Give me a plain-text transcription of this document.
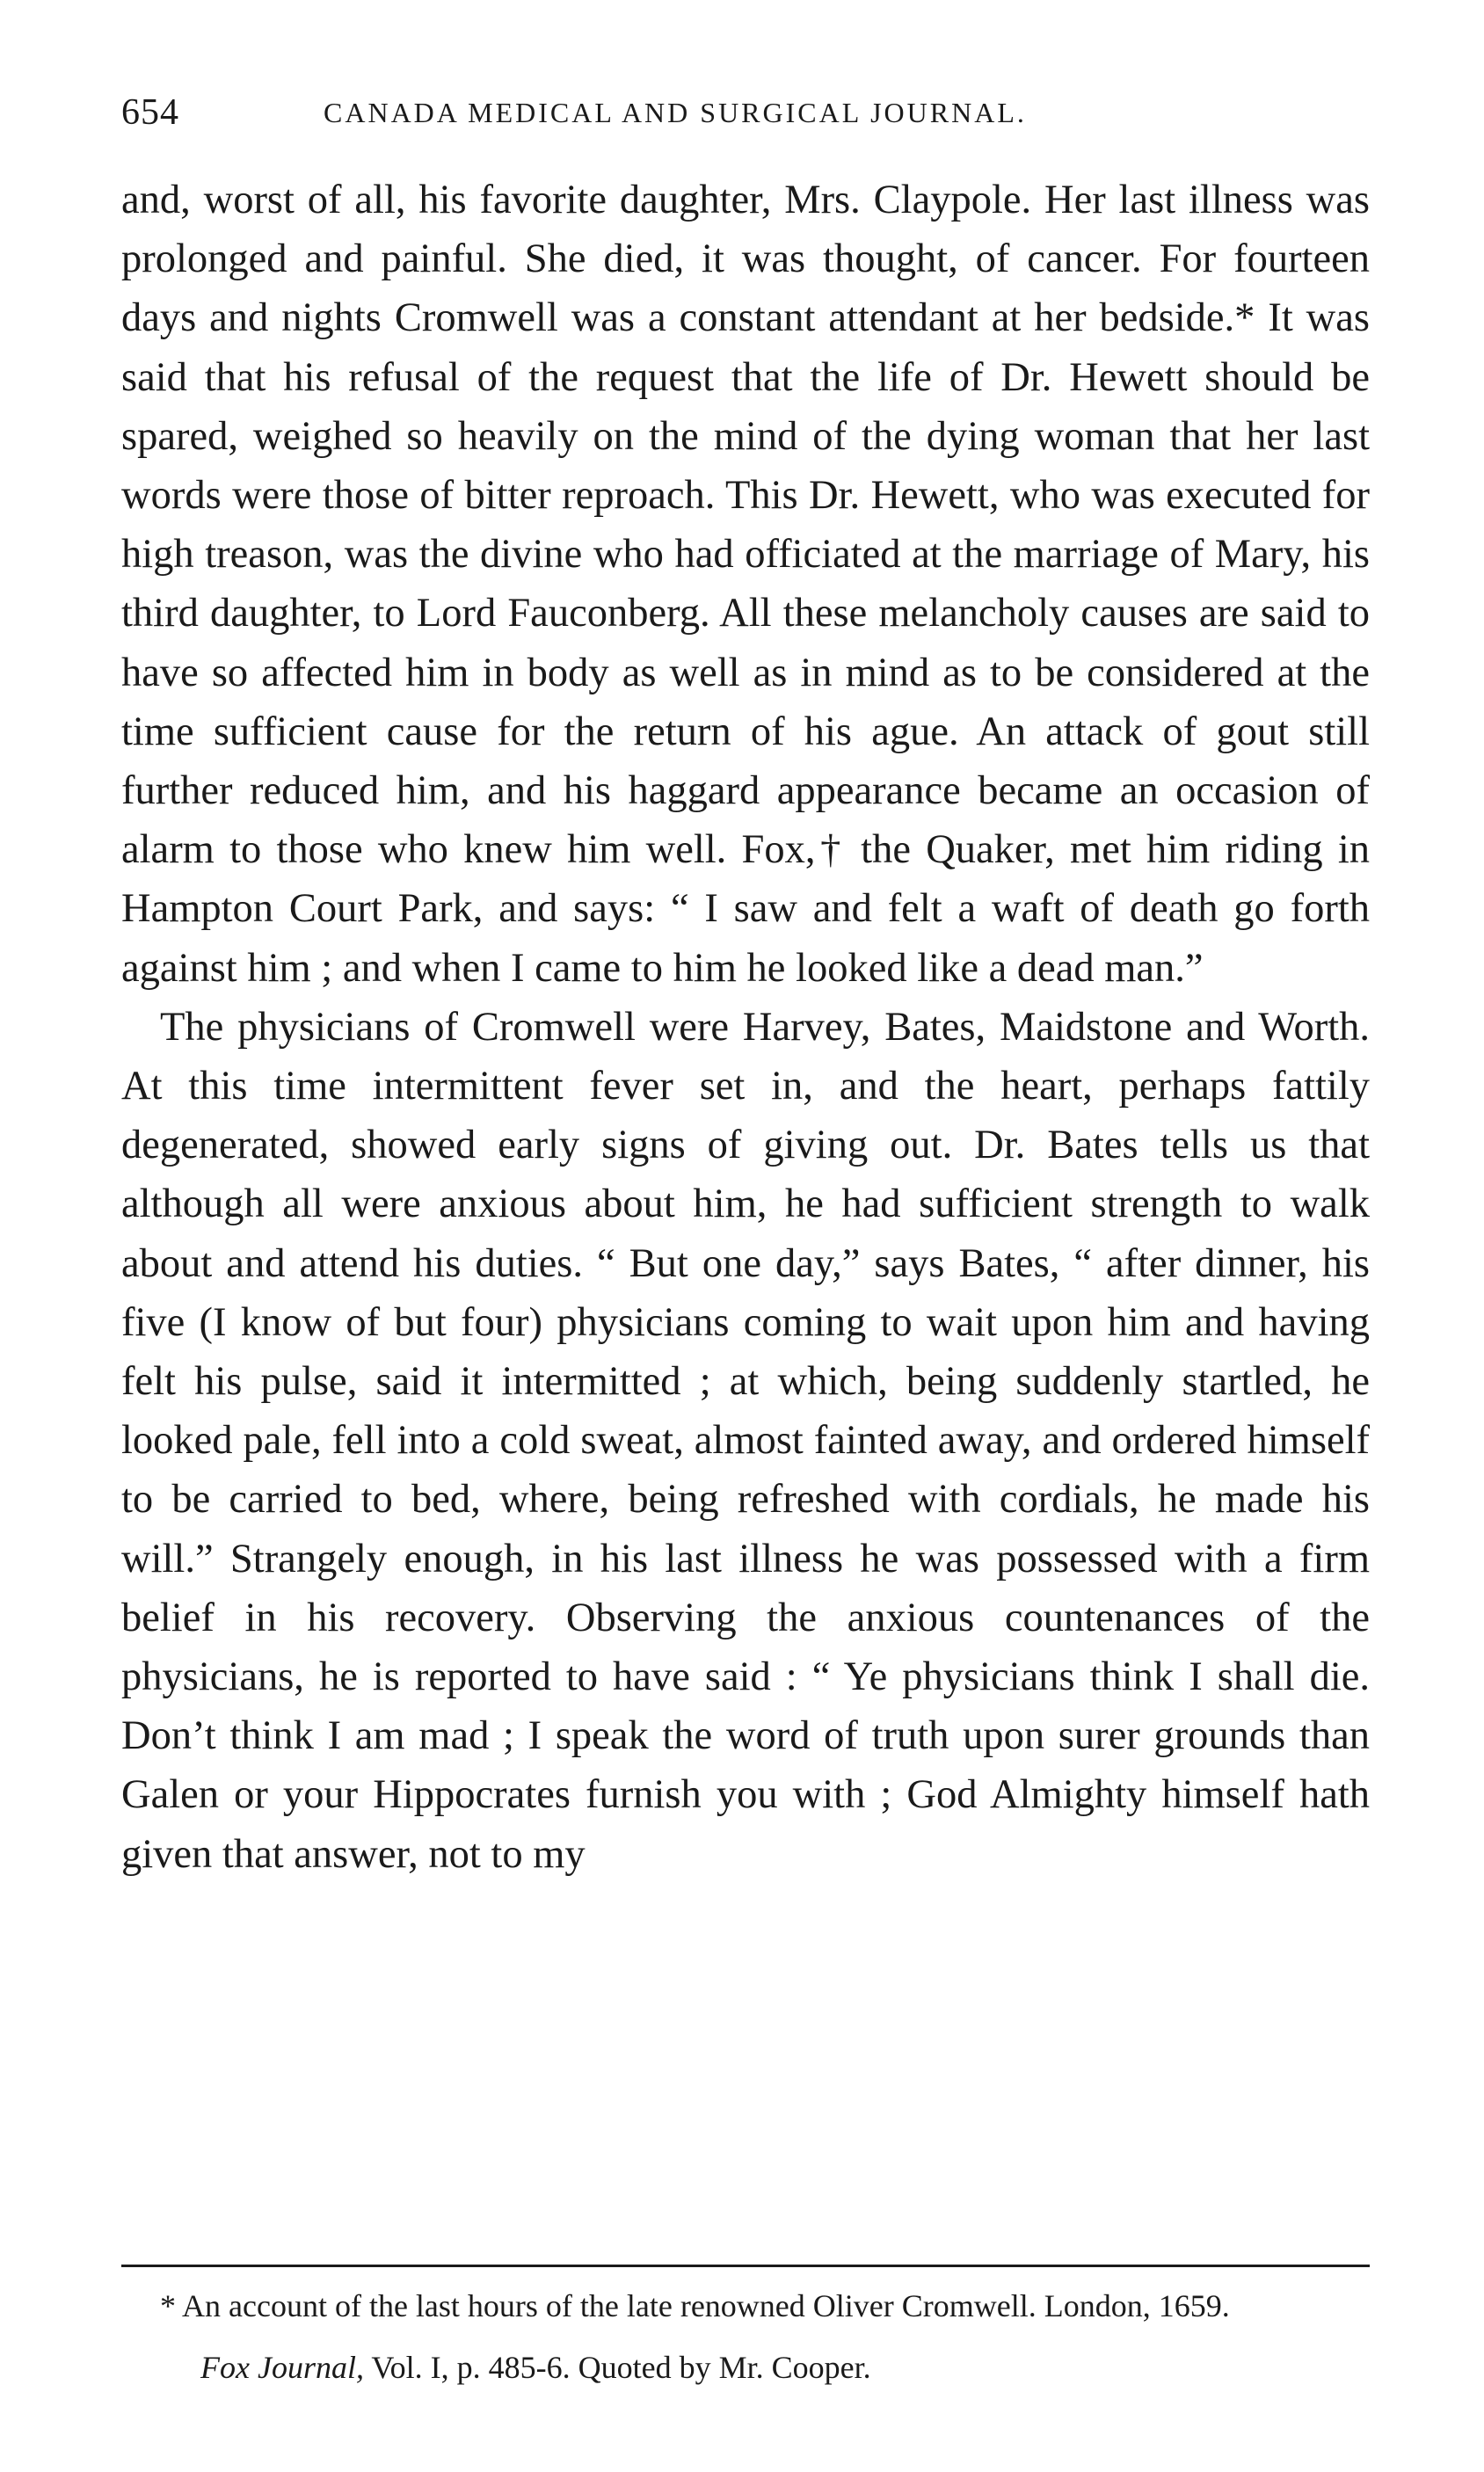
654	CANADA MEDICAL AND SURGICAL JOURNAL.

and, worst of all, his favorite daughter, Mrs. Claypole. Her last illness was prolonged and painful. She died, it was thought, of cancer. For fourteen days and nights Cromwell was a constant attendant at her bedside.* It was said that his refusal of the request that the life of Dr. Hewett should be spared, weighed so heavily on the mind of the dying woman that her last words were those of bitter reproach. This Dr. Hewett, who was executed for high treason, was the divine who had officiated at the marriage of Mary, his third daughter, to Lord Fauconberg. All these melancholy causes are said to have so affected him in body as well as in mind as to be considered at the time sufficient cause for the return of his ague. An attack of gout still further reduced him, and his haggard appearance became an occasion of alarm to those who knew him well. Fox,† the Quaker, met him riding in Hampton Court Park, and says: “ I saw and felt a waft of death go forth against him ; and when I came to him he looked like a dead man.”

The physicians of Cromwell were Harvey, Bates, Maidstone and Worth. At this time intermittent fever set in, and the heart, perhaps fattily degenerated, showed early signs of giving out. Dr. Bates tells us that although all were anxious about him, he had sufficient strength to walk about and attend his duties. “ But one day,” says Bates, “ after dinner, his five (I know of but four) physicians coming to wait upon him and having felt his pulse, said it intermitted ; at which, being suddenly startled, he looked pale, fell into a cold sweat, almost fainted away, and ordered himself to be carried to bed, where, being refreshed with cordials, he made his will.” Strangely enough, in his last illness he was possessed with a firm belief in his recovery. Observing the anxious countenances of the physicians, he is reported to have said : “ Ye physicians think I shall die. Don’t think I am mad ; I speak the word of truth upon surer grounds than Galen or your Hippocrates furnish you with ; God Almighty himself hath given that answer, not to my

* An account of the last hours of the late renowned Oliver Cromwell. London, 1659.

Fox Journal, Vol. I, p. 485-6. Quoted by Mr. Cooper.
